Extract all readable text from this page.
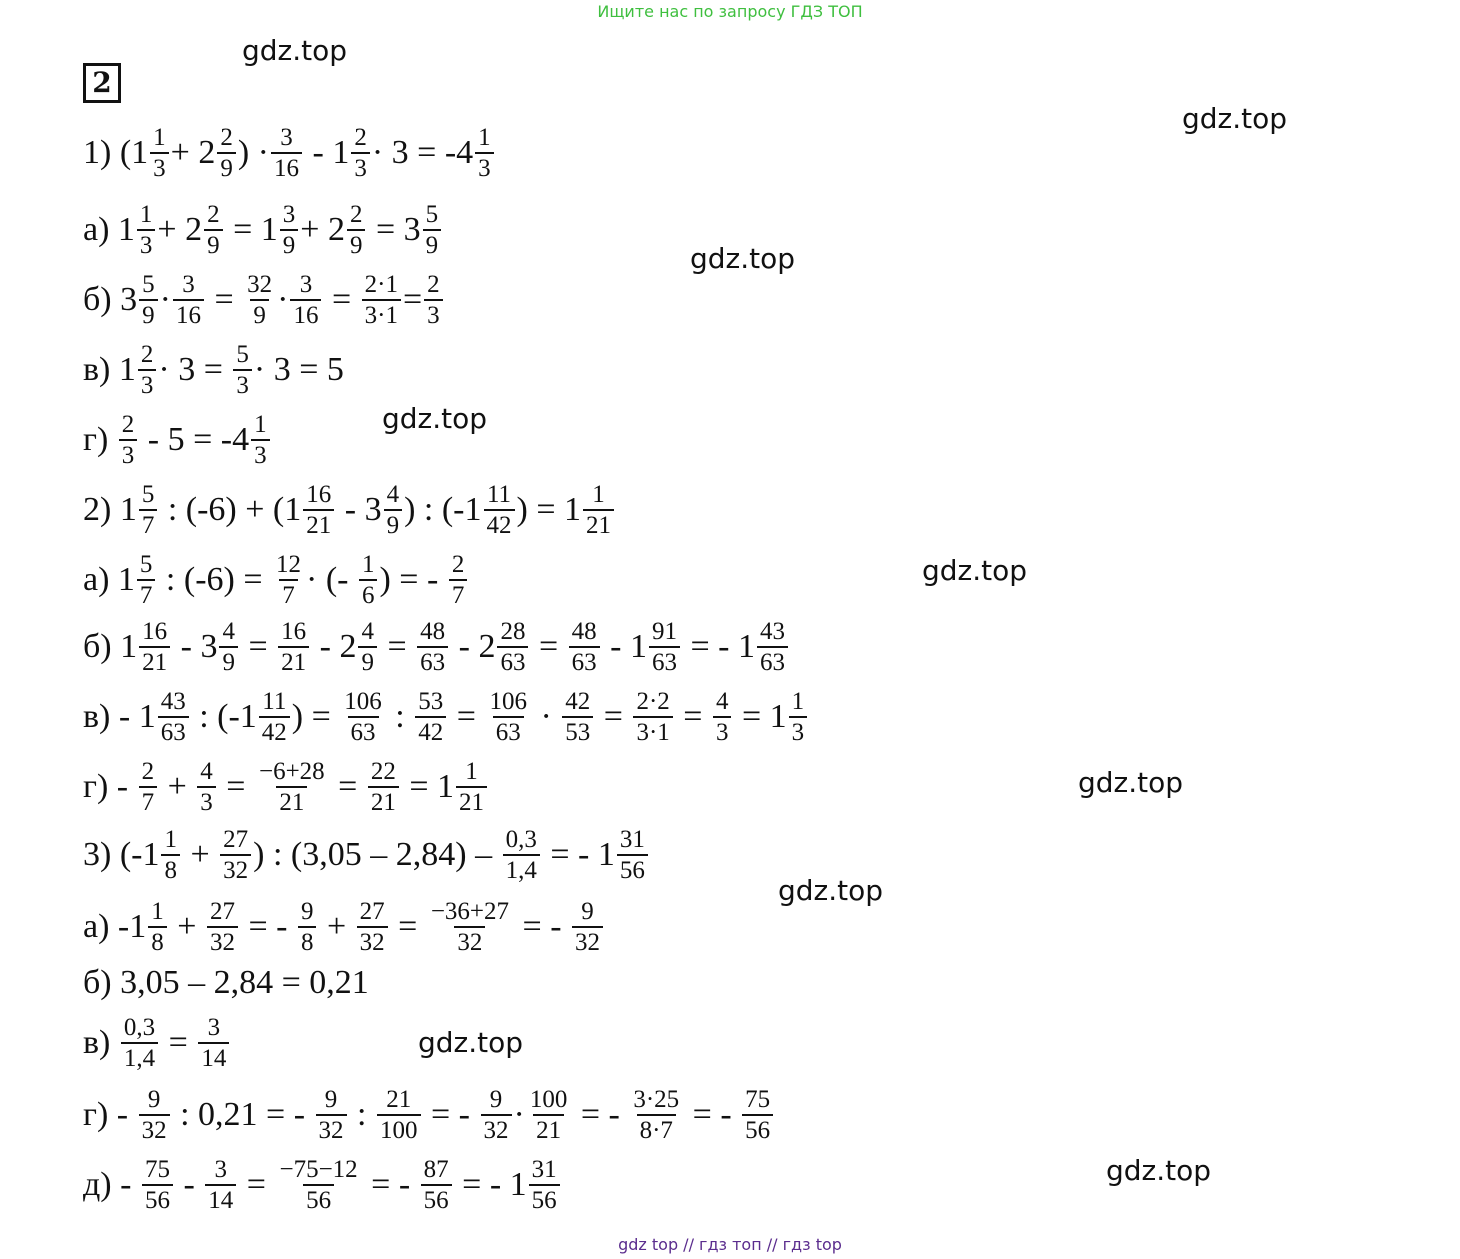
Ищите нас по запросу ГДЗ ТОП
2
gdz.top
gdz.top
gdz.top
gdz.top
gdz.top
gdz.top
gdz.top
gdz.top
gdz.top
1) ($1 \frac{1}{3} + 2 \frac{2}{9}$ ) · $\frac{3}{16} - 1 \frac{2}{3} \cdot 3 = -4 \frac{1}{3}$
а) $1 \frac{1}{3} + 2 \frac{2}{9} = 1 \frac{3}{9} + 2 \frac{2}{9} = 3 \frac{5}{9}$
б) $3 \frac{5}{9} \cdot \frac{3}{16} = \frac{32}{9} \cdot \frac{3}{16} = \frac{2\cdot 1}{3\cdot 1} = \frac{2}{3}$
в) $1 \frac{2}{3} \cdot 3 = \frac{5}{3} \cdot 3 = 5$
$г) \frac{2}{3} - 5 = -4 \frac{1}{3}$
2) $1 \frac{5}{7}$ : $(-6) + (1 \frac{16}{21} - 3 \frac{4}{9}$ ) : ($-1 \frac{11}{42}$ ) = $1 \frac{1}{21}$
а) $1 \frac{5}{7}$ : $(-6) = \frac{12}{7}$ · (- $\frac{1}{6}$ ) = - $\frac{2}{7}$
б) $1 \frac{16}{21} - 3 \frac{4}{9} = \frac{16}{21} - 2 \frac{4}{9} = \frac{48}{63} - 2 \frac{28}{63} = \frac{48}{63} - 1 \frac{91}{63}$ = - $1 \frac{43}{63}$
$в) - 1 \frac{43}{63}$ : ($-1 \frac{11}{42}$ ) = $\frac{106}{63}$ : $\frac{53}{42} = \frac{106}{63} \cdot \frac{42}{53} = \frac{2\cdot 2}{3\cdot 1} = \frac{4}{3} = 1 \frac{1}{3}$
$г) - \frac{2}{7} + \frac{4}{3} = \frac{-6+28}{21} = \frac{22}{21} = 1 \frac{1}{21}$
3) ($-1 \frac{1}{8} + \frac{27}{32}$ ) : $(3,05 - 2,84) - \frac{0,3}{1,4}$ = - $1 \frac{31}{56}$
а) $-1 \frac{1}{8} + \frac{27}{32}$ = - $\frac{9}{8} + \frac{27}{32} = \frac{-36+27}{32}$ = - $\frac{9}{32}$
б) 3,05 – 2,84 = 0,21
$в) \frac{0,3}{1,4} = \frac{3}{14}$
$г) - \frac{9}{32}$ : 0,21 = - $\frac{9}{32}$ : $\frac{21}{100}$ = - $\frac{9}{32} \cdot \frac{100}{21}$ = - $\frac{3\cdot 25}{8\cdot 7}$ = - $\frac{75}{56}$
$д) - \frac{75}{56} - \frac{3}{14} = \frac{-75-12}{56}$ = - $\frac{87}{56}$ = - $1 \frac{31}{56}$
gdz top // гдз топ // гдз top
